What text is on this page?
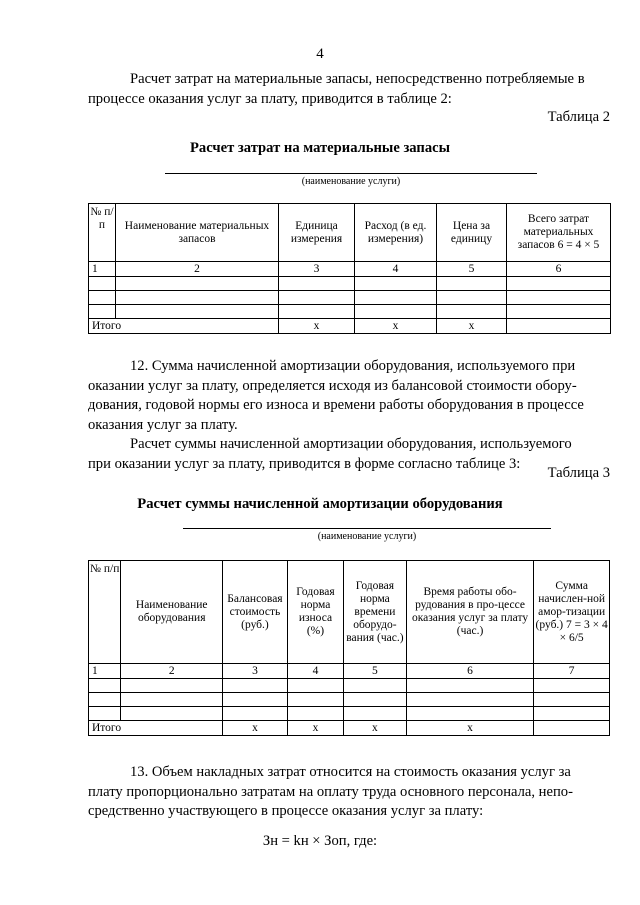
4
Расчет затрат на материальные запасы, непосредственно потребляемые в
процессе оказания услуг за плату, приводится в таблице 2:
Таблица 2
Расчет затрат на материальные запасы
(наименование услуги)
№ п/п	Наименование материальных запасов	Единица измерения	Расход (в ед. измерения)	Цена за единицу	Всего затрат материальных запасов 6 = 4 × 5
1	2	3	4	5	6

Итого		х	х	х	
12. Сумма начисленной амортизации оборудования, используемого при
оказании услуг за плату, определяется исходя из балансовой стоимости обору-
дования, годовой нормы его износа и времени работы оборудования в процессе
оказания услуг за плату.
Расчет суммы начисленной амортизации оборудования, используемого
при оказании услуг за плату, приводится в форме согласно таблице 3:
Таблица 3
Расчет суммы начисленной амортизации оборудования
(наименование услуги)
№ п/п	Наименование оборудования	Балансовая стоимость (руб.)	Годовая норма износа (%)	Годовая норма времени оборудо-вания (час.)	Время работы обо-рудования в про-цессе оказания услуг за плату (час.)	Сумма начислен-ной амор-тизации (руб.) 7 = 3 × 4 × 6/5
1	2	3	4	5	6	7

Итого		х	х	х	х	
13. Объем накладных затрат относится на стоимость оказания услуг за
плату пропорционально затратам на оплату труда основного персонала, непо-
средственно участвующего в процессе оказания услуг за плату:
Зн = kн × Зоп, где:
